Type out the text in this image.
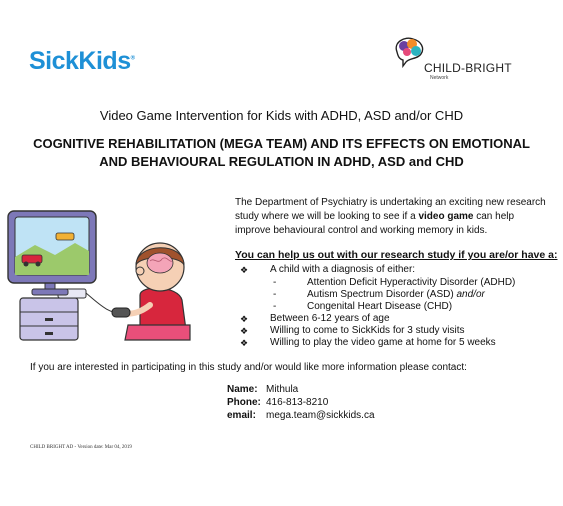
SickKids®
CHILD-BRIGHT
Network
Video Game Intervention for Kids with ADHD, ASD and/or CHD
COGNITIVE REHABILITATION (MEGA TEAM) AND ITS EFFECTS ON EMOTIONAL
AND BEHAVIOURAL REGULATION IN ADHD, ASD and CHD
The Department of Psychiatry is undertaking an exciting new research study where we will be looking to see if a video game can help improve behavioural control and working memory in kids.
You can help us out with our research study if you are/or have a:
❖ A child with a diagnosis of either:
-	Attention Deficit Hyperactivity Disorder (ADHD)
-	Autism Spectrum Disorder (ASD) and/or
-	Congenital Heart Disease (CHD)
❖ Between 6-12 years of age
❖ Willing to come to SickKids for 3 study visits
❖ Willing to play the video game at home for 5 weeks
If you are interested in participating in this study and/or would like more information please contact:
Name: Mithula
Phone: 416-813-8210
email: mega.team@sickkids.ca
CHILD BRIGHT AD - Version date: Mar 04, 2019
